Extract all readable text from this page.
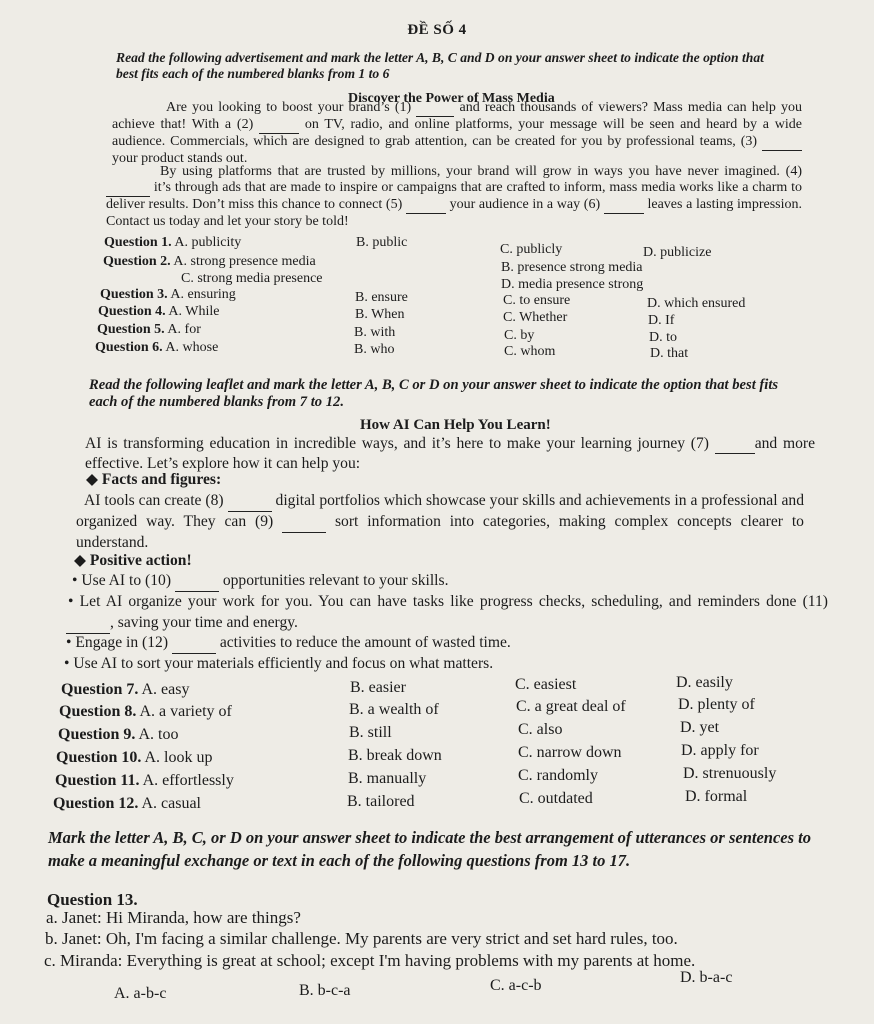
ĐỀ SỐ 4
Read the following advertisement and mark the letter A, B, C and D on your answer sheet to indicate the option that best fits each of the numbered blanks from 1 to 6
Discover the Power of Mass Media
Are you looking to boost your brand’s (1)	and reach thousands of viewers? Mass media can help you achieve that! With a (2)	on TV, radio, and online platforms, your message will be seen and heard by a wide audience. Commercials, which are designed to grab attention, can be created for you by professional teams, (3)   your product stands out.
By using platforms that are trusted by millions, your brand will grow in ways you have never imagined. (4)   it’s through ads that are made to inspire or campaigns that are crafted to inform, mass media works like a charm to deliver results. Don’t miss this chance to connect (5)	your audience in a way (6)	leaves a lasting impression. Contact us today and let your story be told!
Question 1. A. publicity	B. public	C. publicly	D. publicize
Question 2. A. strong presence media	B. presence strong media
C. strong media presence	D. media presence strong
Question 3. A. ensuring	B. ensure	C. to ensure	D. which ensured
Question 4. A. While	B. When	C. Whether	D. If
Question 5. A. for	B. with	C. by	D. to
Question 6. A. whose	B. who	C. whom	D. that
Read the following leaflet and mark the letter A, B, C or D on your answer sheet to indicate the option that best fits each of the numbered blanks from 7 to 12.
How AI Can Help You Learn!
AI is transforming education in incredible ways, and it’s here to make your learning journey (7)	and more effective. Let’s explore how it can help you:
◆ Facts and figures:
AI tools can create (8)	digital portfolios which showcase your skills and achievements in a professional and organized way. They can (9)	sort information into categories, making complex concepts clearer to understand.
◆ Positive action!
• Use AI to (10)	opportunities relevant to your skills.
• Let AI organize your work for you. You can have tasks like progress checks, scheduling, and reminders done (11)  , saving your time and energy.
• Engage in (12)	activities to reduce the amount of wasted time.
• Use AI to sort your materials efficiently and focus on what matters.
Question 7. A. easy	B. easier	C. easiest	D. easily
Question 8. A. a variety of	B. a wealth of	C. a great deal of	D. plenty of
Question 9. A. too	B. still	C. also	D. yet
Question 10. A. look up	B. break down	C. narrow down	D. apply for
Question 11. A. effortlessly	B. manually	C. randomly	D. strenuously
Question 12. A. casual	B. tailored	C. outdated	D. formal
Mark the letter A, B, C, or D on your answer sheet to indicate the best arrangement of utterances or sentences to make a meaningful exchange or text in each of the following questions from 13 to 17.
Question 13.
a. Janet: Hi Miranda, how are things?
b. Janet: Oh, I'm facing a similar challenge. My parents are very strict and set hard rules, too.
c. Miranda: Everything is great at school; except I'm having problems with my parents at home.
A. a-b-c	B. b-c-a	C. a-c-b	D. b-a-c
